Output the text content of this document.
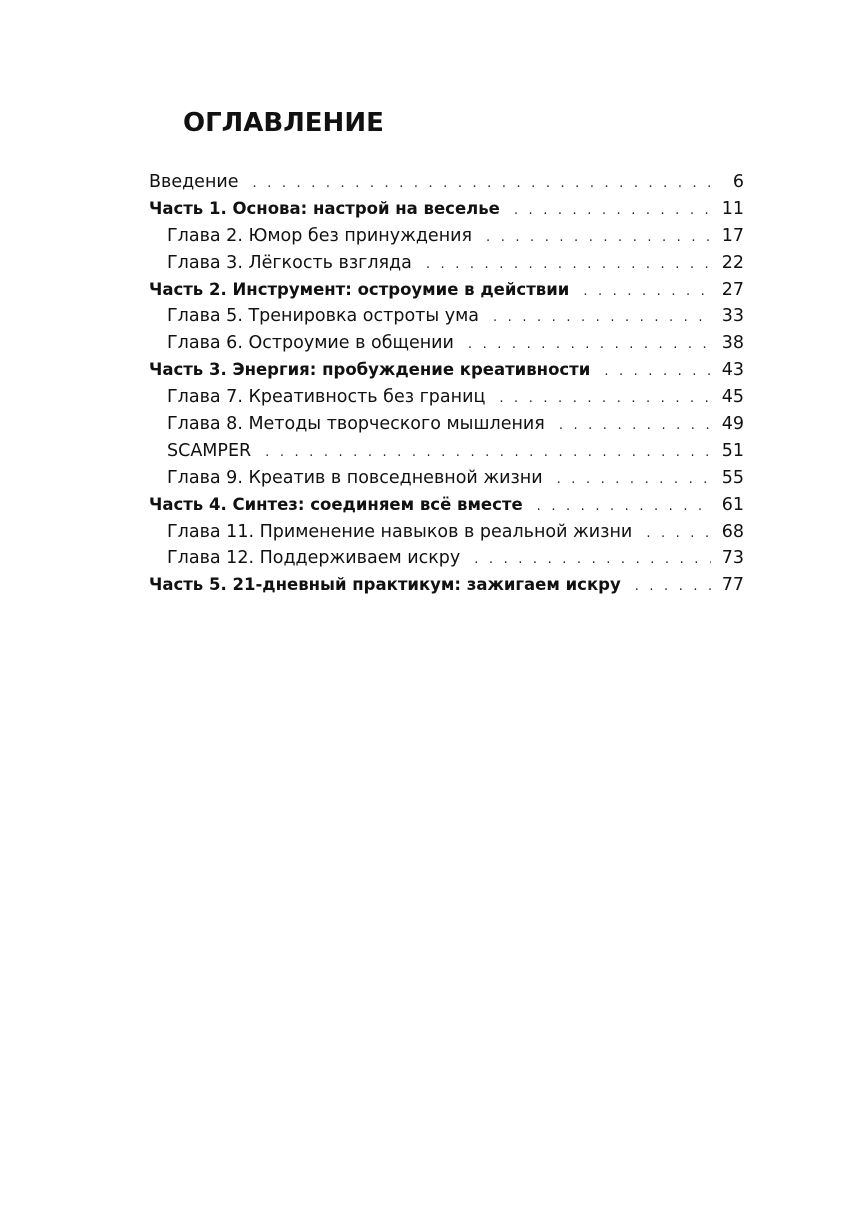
ОГЛАВЛЕНИЕ
Введение . . .	6
Часть 1. Основа: настрой на веселье . . .	11
Глава 2. Юмор без принуждения . . .	17
Глава 3. Лёгкость взгляда . . .	22
Часть 2. Инструмент: остроумие в действии . . .	27
Глава 5. Тренировка остроты ума . . .	33
Глава 6. Остроумие в общении . . .	38
Часть 3. Энергия: пробуждение креативности . . .	43
Глава 7. Креативность без границ . . .	45
Глава 8. Методы творческого мышления . . .	49
SCAMPER . . .	51
Глава 9. Креатив в повседневной жизни . . .	55
Часть 4. Синтез: соединяем всё вместе . . .	61
Глава 11. Применение навыков в реальной жизни . . .	68
Глава 12. Поддерживаем искру . . .	73
Часть 5. 21-дневный практикум: зажигаем искру . . .	77
